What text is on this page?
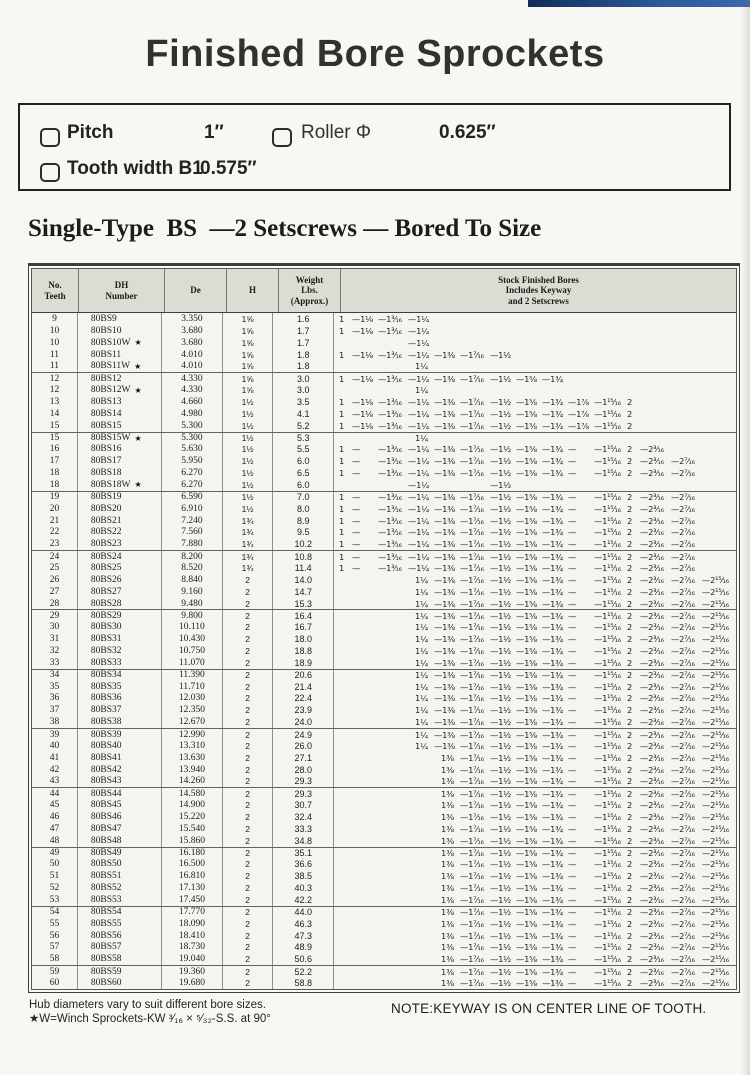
Finished Bore Sprockets
Pitch	1″	Roller Φ	0.625″
Tooth width B1
0.575″
Single-Type  BS  —2 Setscrews — Bored To Size
No.
Teeth
DH
Number
De	H
Weight
Lbs.
(Approx.)
Stock Finished Bores
Includes Keyway
and 2 Setscrews
9	80BS9	3.350	1⅝	1.6	1 —1⅛ —1³⁄₁₆ —1¼
10	80BS10	3.680	1⅝	1.7	1 —1⅛ —1³⁄₁₆ —1¼
10	80BS10W ★	3.680	1⅝	1.7	—1¼
11	80BS11	4.010	1⅝	1.8	1 —1⅛ —1³⁄₁₆ —1¼ —1⅜ —1⁷⁄₁₆ —1½
11	80BS11W ★	4.010	1⅝	1.8	1¼
12	80BS12	4.330	1⅝	3.0	1 —1⅛ —1³⁄₁₆ —1¼ —1⅜ —1⁷⁄₁₆ —1½ —1⅝ —1¾
12	80BS12W ★	4.330	1⅝	3.0	1¼
13	80BS13	4.660	1½	3.5	1 —1⅛ —1³⁄₁₆ —1¼ —1⅜ —1⁷⁄₁₆ —1½ —1⅝ —1¾ —1⅞ —1¹⁵⁄₁₆ 2
14	80BS14	4.980	1½	4.1	1 —1⅛ —1³⁄₁₆ —1¼ —1⅜ —1⁷⁄₁₆ —1½ —1⅝ —1¾ —1⅞ —1¹⁵⁄₁₆ 2
15	80BS15	5.300	1½	5.2	1 —1⅛ —1³⁄₁₆ —1¼ —1⅜ —1⁷⁄₁₆ —1½ —1⅝ —1¾ —1⅞ —1¹⁵⁄₁₆ 2
15	80BS15W ★	5.300	1½	5.3	1¼
16	80BS16	5.630	1½	5.5	1 —	—1³⁄₁₆ —1¼ —1⅜ —1⁷⁄₁₆ —1½ —1⅝ —1¾ —	—1¹⁵⁄₁₆ 2 —2³⁄₁₆
17	80BS17	5.950	1½	6.0	1 —	—1³⁄₁₆ —1¼ —1⅜ —1⁷⁄₁₆ —1½ —1⅝ —1¾ —	—1¹⁵⁄₁₆ 2 —2³⁄₁₆ —2⁷⁄₁₆
18	80BS18	6.270	1½	6.5	1 —	—1³⁄₁₆ —1¼ —1⅜ —1⁷⁄₁₆ —1½ —1⅝ —1¾ —	—1¹⁵⁄₁₆ 2 —2³⁄₁₆ —2⁷⁄₁₆
18	80BS18W ★	6.270	1½	6.0	—1¼	—1½
19	80BS19	6.590	1½	7.0	1 —	—1³⁄₁₆ —1¼ —1⅜ —1⁷⁄₁₆ —1½ —1⅝ —1¾ —	—1¹⁵⁄₁₆ 2 —2³⁄₁₆ —2⁷⁄₁₆
20	80BS20	6.910	1½	8.0	1 —	—1³⁄₁₆ —1¼ —1⅜ —1⁷⁄₁₆ —1½ —1⅝ —1¾ —	—1¹⁵⁄₁₆ 2 —2³⁄₁₆ —2⁷⁄₁₆
21	80BS21	7.240	1¾	8.9	1 —	—1³⁄₁₆ —1¼ —1⅜ —1⁷⁄₁₆ —1½ —1⅝ —1¾ —	—1¹⁵⁄₁₆ 2 —2³⁄₁₆ —2⁷⁄₁₆
22	80BS22	7.560	1¾	9.5	1 —	—1³⁄₁₆ —1¼ —1⅜ —1⁷⁄₁₆ —1½ —1⅝ —1¾ —	—1¹⁵⁄₁₆ 2 —2³⁄₁₆ —2⁷⁄₁₆
23	80BS23	7.880	1¾	10.2	1 —	—1³⁄₁₆ —1¼ —1⅜ —1⁷⁄₁₆ —1½ —1⅝ —1¾ —	—1¹⁵⁄₁₆ 2 —2³⁄₁₆ —2⁷⁄₁₆
24	80BS24	8.200	1¾	10.8	1 —	—1³⁄₁₆ —1¼ —1⅜ —1⁷⁄₁₆ —1½ —1⅝ —1¾ —	—1¹⁵⁄₁₆ 2 —2³⁄₁₆ —2⁷⁄₁₆
25	80BS25	8.520	1¾	11.4	1 —	—1³⁄₁₆ —1¼ —1⅜ —1⁷⁄₁₆ —1½ —1⅝ —1¾ —	—1¹⁵⁄₁₆ 2 —2³⁄₁₆ —2⁷⁄₁₆
26	80BS26	8.840	2	14.0	1¼ —1⅜ —1⁷⁄₁₆ —1½ —1⅝ —1¾ —	—1¹⁵⁄₁₆ 2 —2³⁄₁₆ —2⁷⁄₁₆ —2¹⁵⁄₁₆
27	80BS27	9.160	2	14.7	1¼ —1⅜ —1⁷⁄₁₆ —1½ —1⅝ —1¾ —	—1¹⁵⁄₁₆ 2 —2³⁄₁₆ —2⁷⁄₁₆ —2¹⁵⁄₁₆
28	80BS28	9.480	2	15.3	1¼ —1⅜ —1⁷⁄₁₆ —1½ —1⅝ —1¾ —	—1¹⁵⁄₁₆ 2 —2³⁄₁₆ —2⁷⁄₁₆ —2¹⁵⁄₁₆
29	80BS29	9.800	2	16.4	1¼ —1⅜ —1⁷⁄₁₆ —1½ —1⅝ —1¾ —	—1¹⁵⁄₁₆ 2 —2³⁄₁₆ —2⁷⁄₁₆ —2¹⁵⁄₁₆
30	80BS30	10.110	2	16.7	1¼ —1⅜ —1⁷⁄₁₆ —1½ —1⅝ —1¾ —	—1¹⁵⁄₁₆ 2 —2³⁄₁₆ —2⁷⁄₁₆ —2¹⁵⁄₁₆
31	80BS31	10.430	2	18.0	1¼ —1⅜ —1⁷⁄₁₆ —1½ —1⅝ —1¾ —	—1¹⁵⁄₁₆ 2 —2³⁄₁₆ —2⁷⁄₁₆ —2¹⁵⁄₁₆
32	80BS32	10.750	2	18.8	1¼ —1⅜ —1⁷⁄₁₆ —1½ —1⅝ —1¾ —	—1¹⁵⁄₁₆ 2 —2³⁄₁₆ —2⁷⁄₁₆ —2¹⁵⁄₁₆
33	80BS33	11.070	2	18.9	1¼ —1⅜ —1⁷⁄₁₆ —1½ —1⅝ —1¾ —	—1¹⁵⁄₁₆ 2 —2³⁄₁₆ —2⁷⁄₁₆ —2¹⁵⁄₁₆
34	80BS34	11.390	2	20.6	1¼ —1⅜ —1⁷⁄₁₆ —1½ —1⅝ —1¾ —	—1¹⁵⁄₁₆ 2 —2³⁄₁₆ —2⁷⁄₁₆ —2¹⁵⁄₁₆
35	80BS35	11.710	2	21.4	1¼ —1⅜ —1⁷⁄₁₆ —1½ —1⅝ —1¾ —	—1¹⁵⁄₁₆ 2 —2³⁄₁₆ —2⁷⁄₁₆ —2¹⁵⁄₁₆
36	80BS36	12.030	2	22.4	1¼ —1⅜ —1⁷⁄₁₆ —1½ —1⅝ —1¾ —	—1¹⁵⁄₁₆ 2 —2³⁄₁₆ —2⁷⁄₁₆ —2¹⁵⁄₁₆
37	80BS37	12.350	2	23.9	1¼ —1⅜ —1⁷⁄₁₆ —1½ —1⅝ —1¾ —	—1¹⁵⁄₁₆ 2 —2³⁄₁₆ —2⁷⁄₁₆ —2¹⁵⁄₁₆
38	80BS38	12.670	2	24.0	1¼ —1⅜ —1⁷⁄₁₆ —1½ —1⅝ —1¾ —	—1¹⁵⁄₁₆ 2 —2³⁄₁₆ —2⁷⁄₁₆ —2¹⁵⁄₁₆
39	80BS39	12.990	2	24.9	1¼ —1⅜ —1⁷⁄₁₆ —1½ —1⅝ —1¾ —	—1¹⁵⁄₁₆ 2 —2³⁄₁₆ —2⁷⁄₁₆ —2¹⁵⁄₁₆
40	80BS40	13.310	2	26.0	1¼ —1⅜ —1⁷⁄₁₆ —1½ —1⅝ —1¾ —	—1¹⁵⁄₁₆ 2 —2³⁄₁₆ —2⁷⁄₁₆ —2¹⁵⁄₁₆
41	80BS41	13.630	2	27.1	1⅜ —1⁷⁄₁₆ —1½ —1⅝ —1¾ —	—1¹⁵⁄₁₆ 2 —2³⁄₁₆ —2⁷⁄₁₆ —2¹⁵⁄₁₆
42	80BS42	13.940	2	28.0	1⅜ —1⁷⁄₁₆ —1½ —1⅝ —1¾ —	—1¹⁵⁄₁₆ 2 —2³⁄₁₆ —2⁷⁄₁₆ —2¹⁵⁄₁₆
43	80BS43	14.260	2	29.3	1⅜ —1⁷⁄₁₆ —1½ —1⅝ —1¾ —	—1¹⁵⁄₁₆ 2 —2³⁄₁₆ —2⁷⁄₁₆ —2¹⁵⁄₁₆
44	80BS44	14.580	2	29.3	1⅜ —1⁷⁄₁₆ —1½ —1⅝ —1¾ —	—1¹⁵⁄₁₆ 2 —2³⁄₁₆ —2⁷⁄₁₆ —2¹⁵⁄₁₆
45	80BS45	14.900	2	30.7	1⅜ —1⁷⁄₁₆ —1½ —1⅝ —1¾ —	—1¹⁵⁄₁₆ 2 —2³⁄₁₆ —2⁷⁄₁₆ —2¹⁵⁄₁₆
46	80BS46	15.220	2	32.4	1⅜ —1⁷⁄₁₆ —1½ —1⅝ —1¾ —	—1¹⁵⁄₁₆ 2 —2³⁄₁₆ —2⁷⁄₁₆ —2¹⁵⁄₁₆
47	80BS47	15.540	2	33.3	1⅜ —1⁷⁄₁₆ —1½ —1⅝ —1¾ —	—1¹⁵⁄₁₆ 2 —2³⁄₁₆ —2⁷⁄₁₆ —2¹⁵⁄₁₆
48	80BS48	15.860	2	34.8	1⅜ —1⁷⁄₁₆ —1½ —1⅝ —1¾ —	—1¹⁵⁄₁₆ 2 —2³⁄₁₆ —2⁷⁄₁₆ —2¹⁵⁄₁₆
49	80BS49	16.180	2	35.1	1⅜ —1⁷⁄₁₆ —1½ —1⅝ —1¾ —	—1¹⁵⁄₁₆ 2 —2³⁄₁₆ —2⁷⁄₁₆ —2¹⁵⁄₁₆
50	80BS50	16.500	2	36.6	1⅜ —1⁷⁄₁₆ —1½ —1⅝ —1¾ —	—1¹⁵⁄₁₆ 2 —2³⁄₁₆ —2⁷⁄₁₆ —2¹⁵⁄₁₆
51	80BS51	16.810	2	38.5	1⅜ —1⁷⁄₁₆ —1½ —1⅝ —1¾ —	—1¹⁵⁄₁₆ 2 —2³⁄₁₆ —2⁷⁄₁₆ —2¹⁵⁄₁₆
52	80BS52	17.130	2	40.3	1⅜ —1⁷⁄₁₆ —1½ —1⅝ —1¾ —	—1¹⁵⁄₁₆ 2 —2³⁄₁₆ —2⁷⁄₁₆ —2¹⁵⁄₁₆
53	80BS53	17.450	2	42.2	1⅜ —1⁷⁄₁₆ —1½ —1⅝ —1¾ —	—1¹⁵⁄₁₆ 2 —2³⁄₁₆ —2⁷⁄₁₆ —2¹⁵⁄₁₆
54	80BS54	17.770	2	44.0	1⅜ —1⁷⁄₁₆ —1½ —1⅝ —1¾ —	—1¹⁵⁄₁₆ 2 —2³⁄₁₆ —2⁷⁄₁₆ —2¹⁵⁄₁₆
55	80BS55	18.090	2	46.3	1⅜ —1⁷⁄₁₆ —1½ —1⅝ —1¾ —	—1¹⁵⁄₁₆ 2 —2³⁄₁₆ —2⁷⁄₁₆ —2¹⁵⁄₁₆
56	80BS56	18.410	2	47.3	1⅜ —1⁷⁄₁₆ —1½ —1⅝ —1¾ —	—1¹⁵⁄₁₆ 2 —2³⁄₁₆ —2⁷⁄₁₆ —2¹⁵⁄₁₆
57	80BS57	18.730	2	48.9	1⅜ —1⁷⁄₁₆ —1½ —1⅝ —1¾ —	—1¹⁵⁄₁₆ 2 —2³⁄₁₆ —2⁷⁄₁₆ —2¹⁵⁄₁₆
58	80BS58	19.040	2	50.6	1⅜ —1⁷⁄₁₆ —1½ —1⅝ —1¾ —	—1¹⁵⁄₁₆ 2 —2³⁄₁₆ —2⁷⁄₁₆ —2¹⁵⁄₁₆
59	80BS59	19.360	2	52.2	1⅜ —1⁷⁄₁₆ —1½ —1⅝ —1¾ —	—1¹⁵⁄₁₆ 2 —2³⁄₁₆ —2⁷⁄₁₆ —2¹⁵⁄₁₆
60	80BS60	19.680	2	58.8	1⅜ —1⁷⁄₁₆ —1½ —1⅝ —1¾ —	—1¹⁵⁄₁₆ 2 —2³⁄₁₆ —2⁷⁄₁₆ —2¹⁵⁄₁₆
Hub diameters vary to suit different bore sizes.
★W=Winch Sprockets-KW ³⁄₁₆ × ⁵⁄₃₂-S.S. at 90°
NOTE:KEYWAY IS ON CENTER LINE OF TOOTH.
